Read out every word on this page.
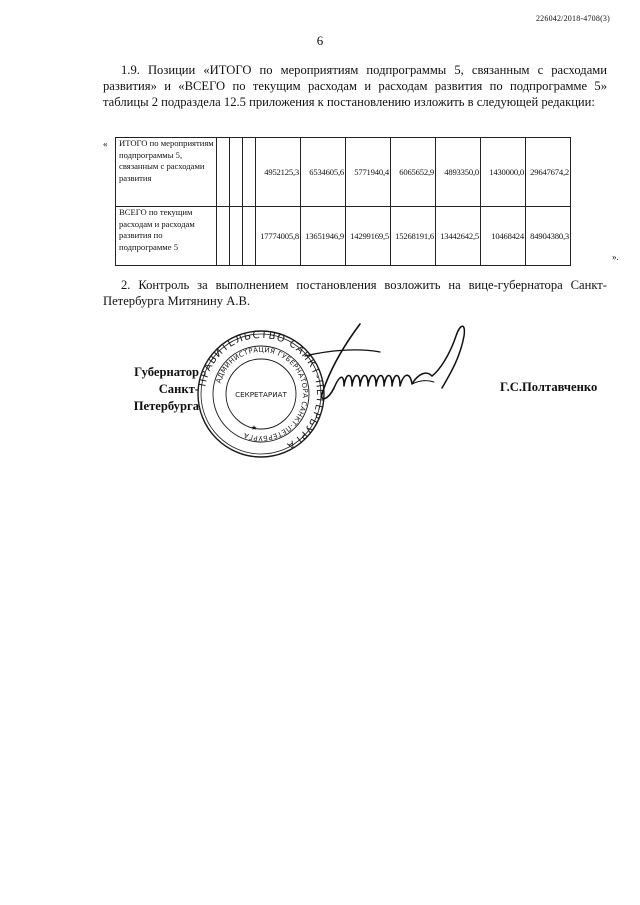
226042/2018-4708(3)
6

1.9. Позиции «ИТОГО по мероприятиям подпрограммы 5, связанным с расходами развития» и «ВСЕГО по текущим расходам и расходам развития по подпрограмме 5» таблицы 2 подраздела 12.5 приложения к постановлению изложить в следующей редакции:

« ИТОГО по мероприятиям подпрограммы 5, связанным с расходами развития				4952125,3	6534605,6	5771940,4	6065652,9	4893350,0	1430000,0	29647674,2
ВСЕГО по текущим расходам и расходам развития по подпрограмме 5				17774005,8	13651946,9	14299169,5	15268191,6	13442642,5	10468424	84904380,3
».

2. Контроль за выполнением постановления возложить на вице-губернатора Санкт-Петербурга Митянину А.В.

Губернатор
Санкт-Петербурга
ПРАВИТЕЛЬСТВО САНКТ-ПЕТЕРБУРГА
АДМИНИСТРАЦИЯ ГУБЕРНАТОРА САНКТ-ПЕТЕРБУРГА
СЕКРЕТАРИАТ
★
Г.С.Полтавченко
